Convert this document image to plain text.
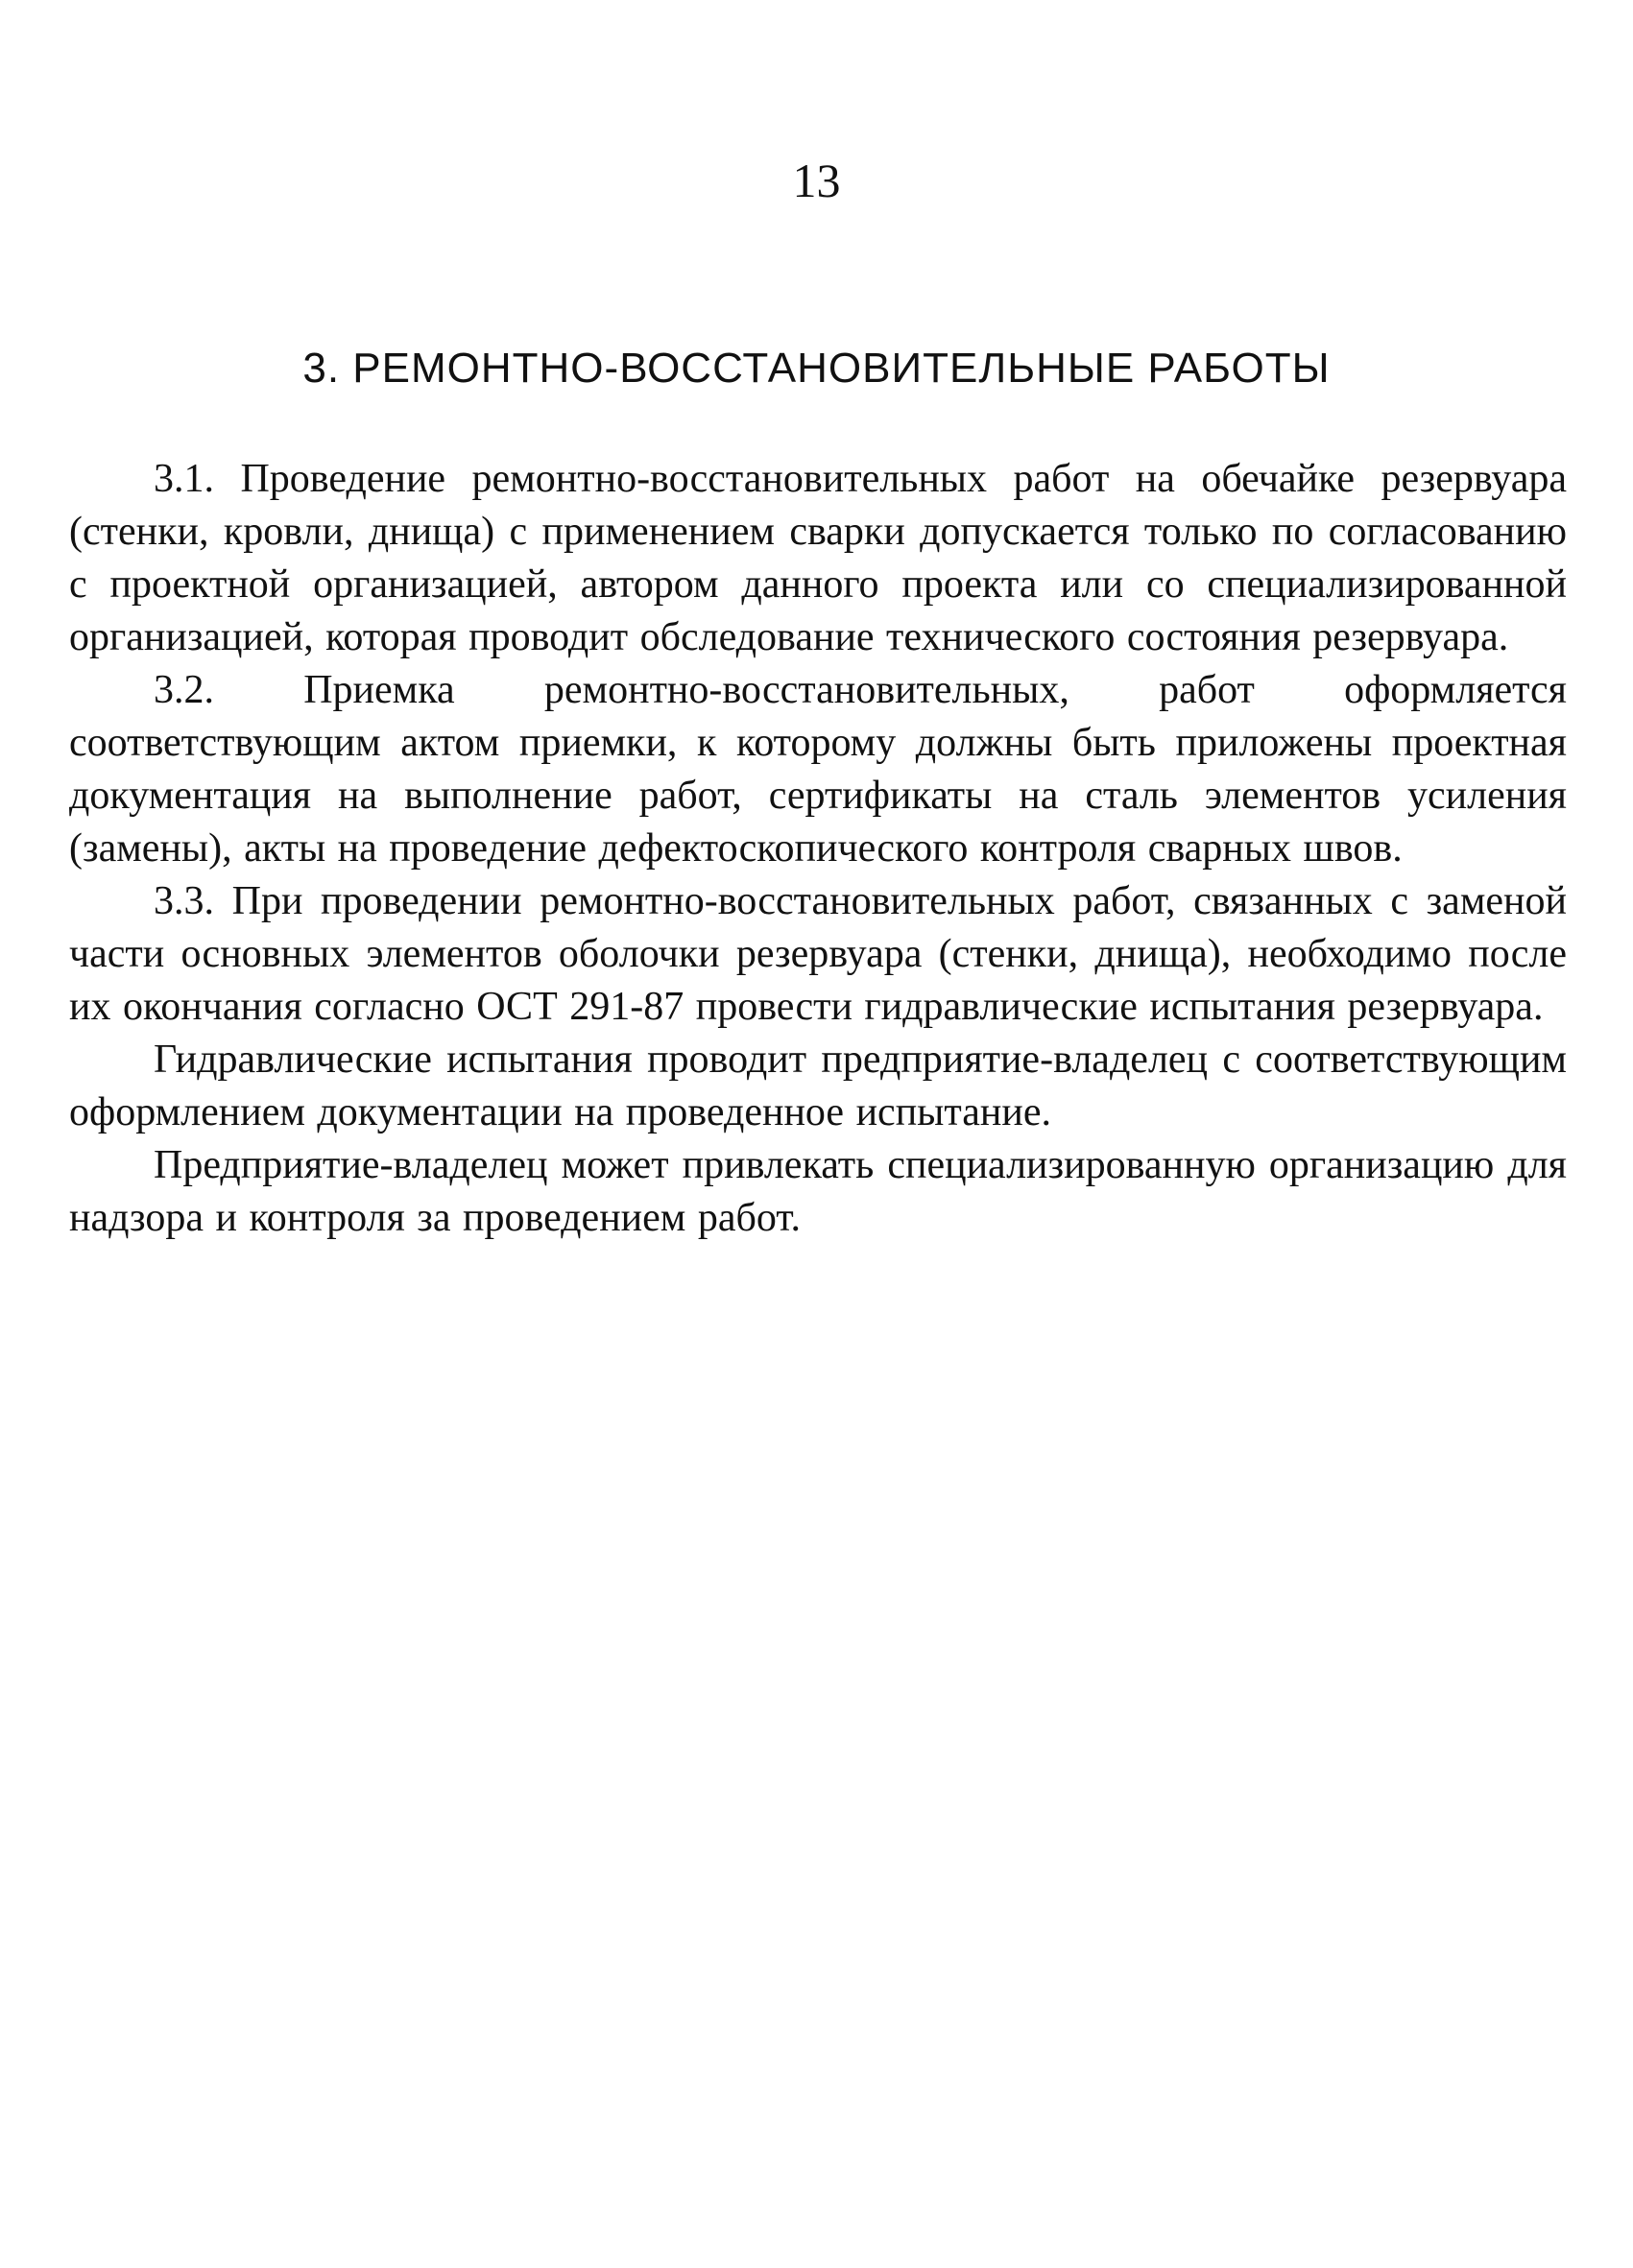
13
3. РЕМОНТНО-ВОССТАНОВИТЕЛЬНЫЕ РАБОТЫ

3.1. Проведение ремонтно-восстановительных работ на обечайке резервуара (стенки, кровли, днища) с применением сварки допускается только по согласованию с проектной организацией, автором данного проекта или со специализированной организацией, которая проводит обследование технического состояния резервуара.

3.2. Приемка ремонтно-восстановительных, работ оформляется соответствующим актом приемки, к которому должны быть приложены проектная документация на выполнение работ, сертификаты на сталь элементов усиления (замены), акты на проведение дефектоскопического контроля сварных швов.

3.3. При проведении ремонтно-восстановительных работ, связанных с заменой части основных элементов оболочки резервуара (стенки, днища), необходимо после их окончания согласно ОСТ 291-87 провести гидравлические испытания резервуара.

Гидравлические испытания проводит предприятие-владелец с соответствующим оформлением документации на проведенное испытание.

Предприятие-владелец может привлекать специализированную организацию для надзора и контроля за проведением работ.
